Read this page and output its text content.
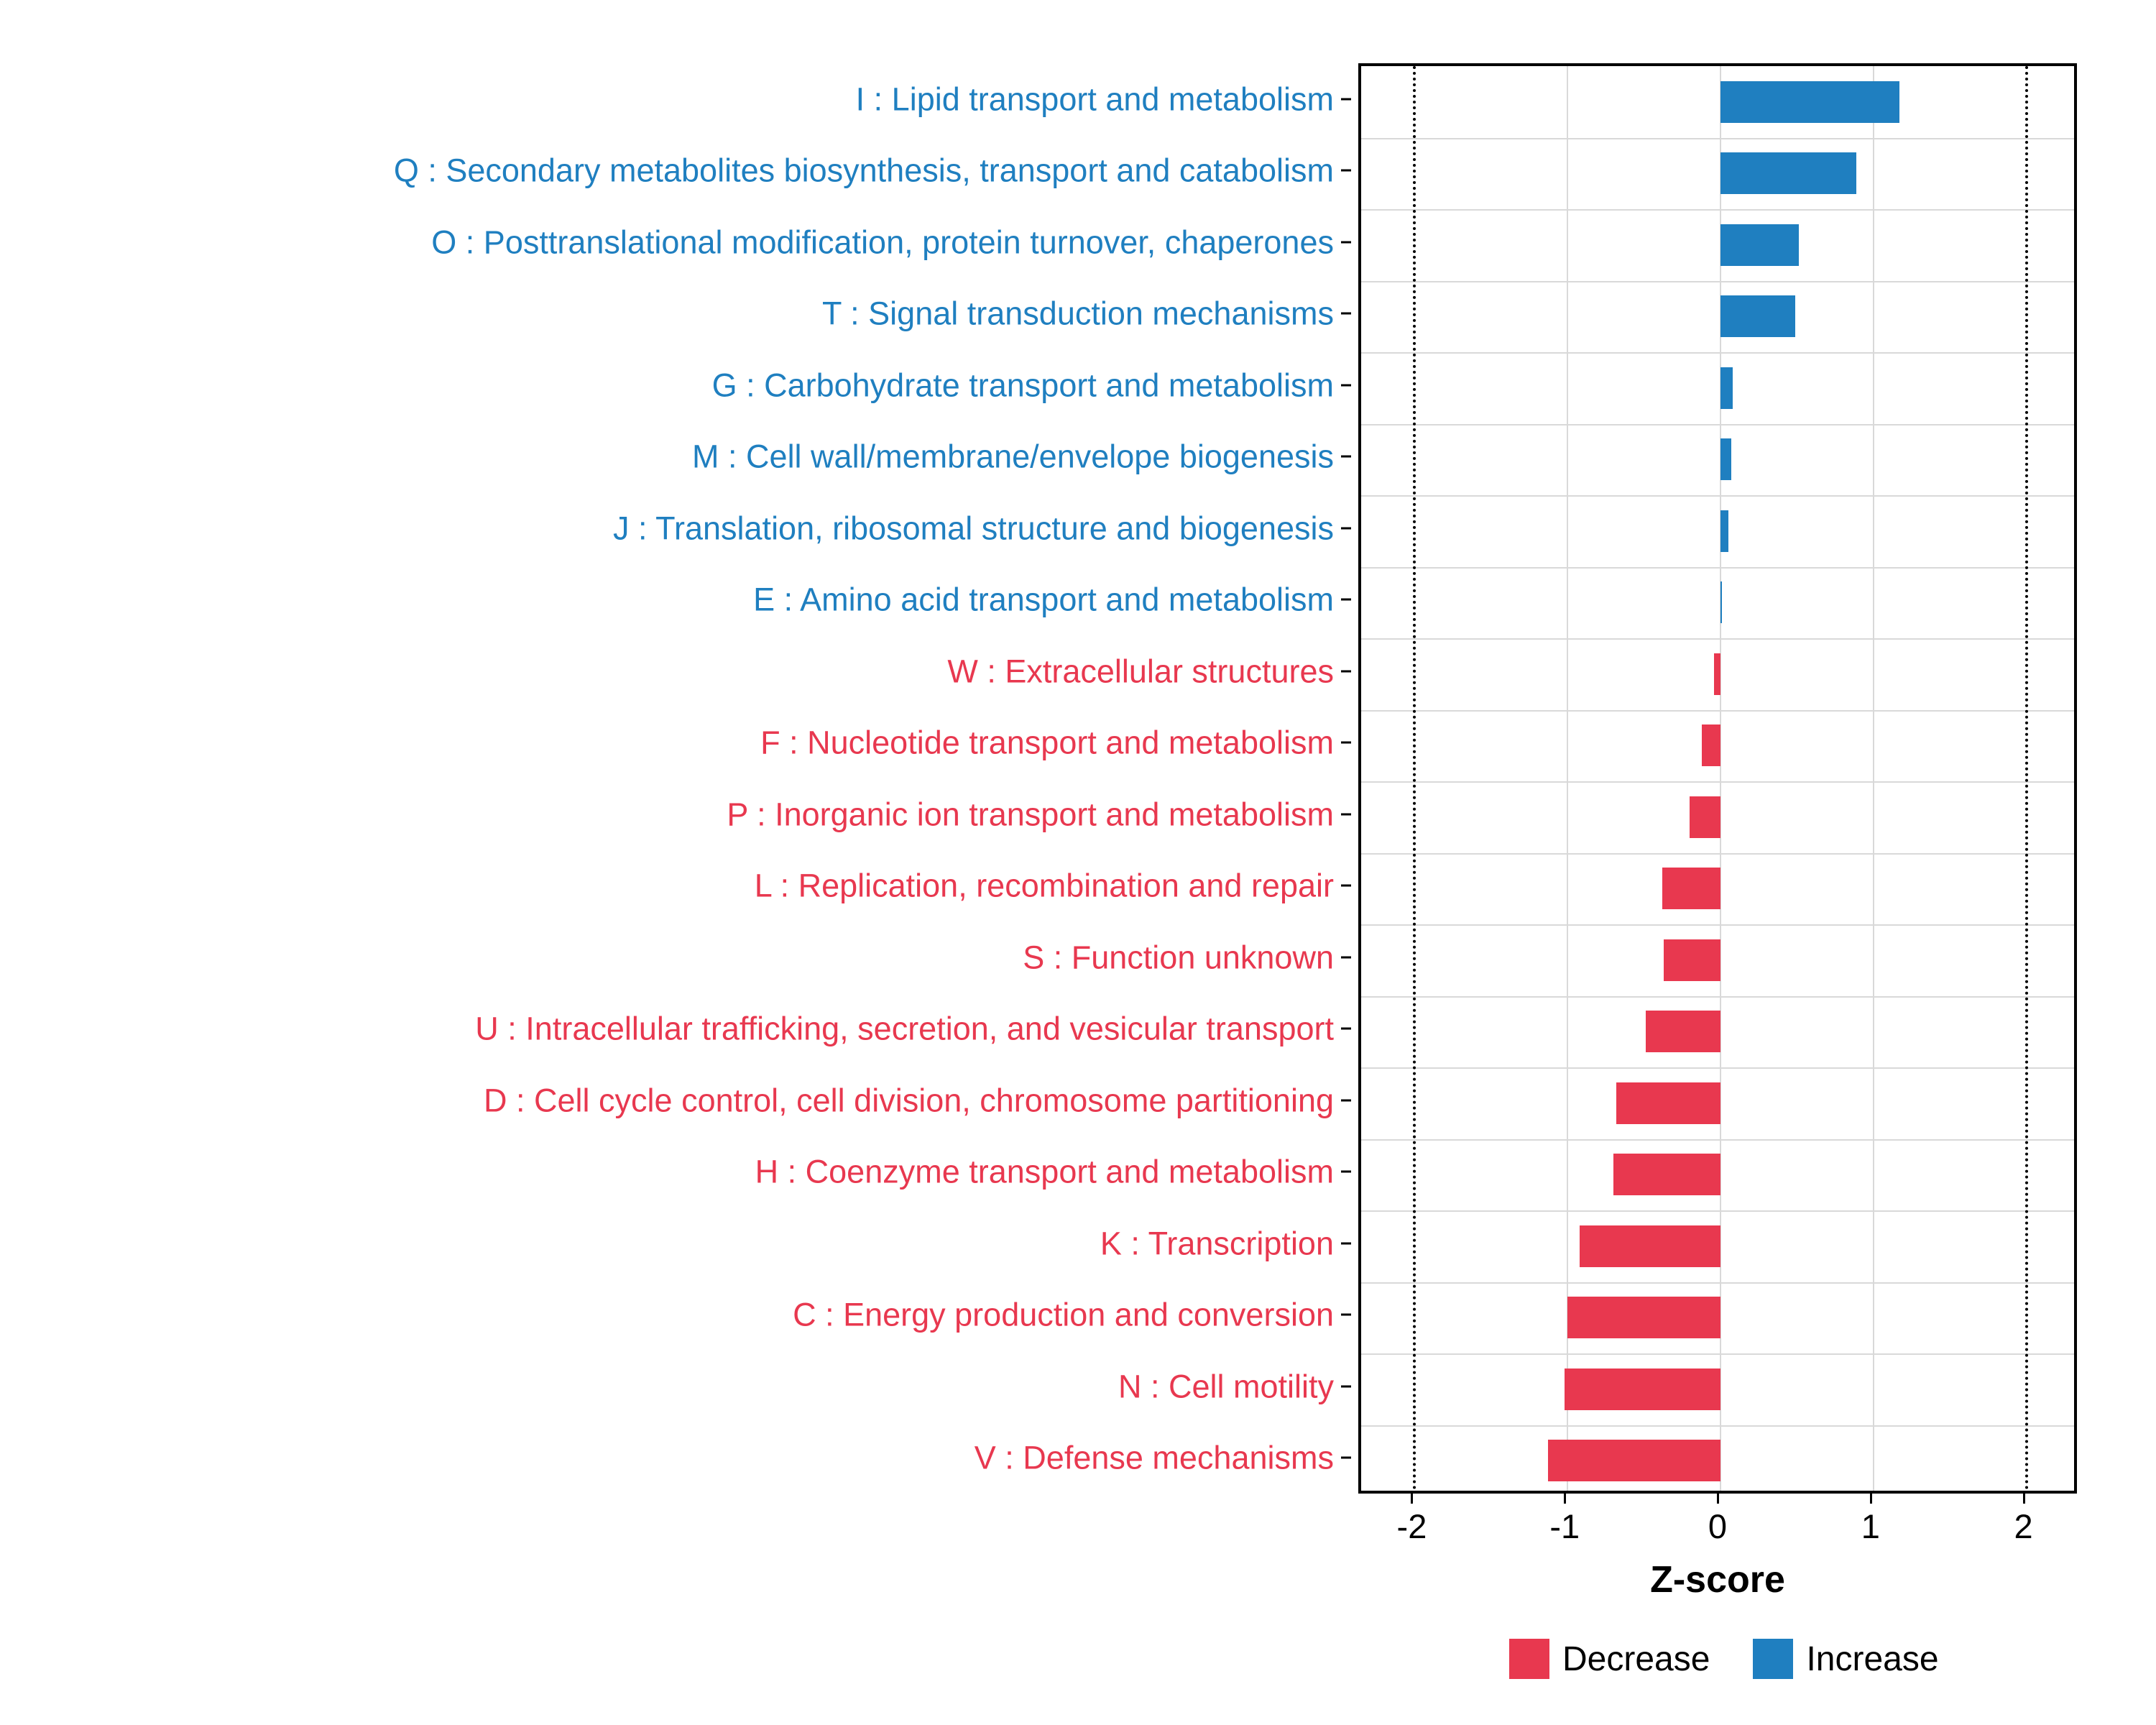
I : Lipid transport and metabolism
Q : Secondary metabolites biosynthesis, transport and catabolism
O : Posttranslational modification, protein turnover, chaperones
T : Signal transduction mechanisms
G : Carbohydrate transport and metabolism
M : Cell wall/membrane/envelope biogenesis
J : Translation, ribosomal structure and biogenesis
E : Amino acid transport and metabolism
W : Extracellular structures
F : Nucleotide transport and metabolism
P : Inorganic ion transport and metabolism
L : Replication, recombination and repair
S : Function unknown
U : Intracellular trafficking, secretion, and vesicular transport
D : Cell cycle control, cell division, chromosome partitioning
H : Coenzyme transport and metabolism
K : Transcription
C : Energy production and conversion
N : Cell motility
V : Defense mechanisms
-2	-1	0	1	2
Z-score
Decrease	Increase
